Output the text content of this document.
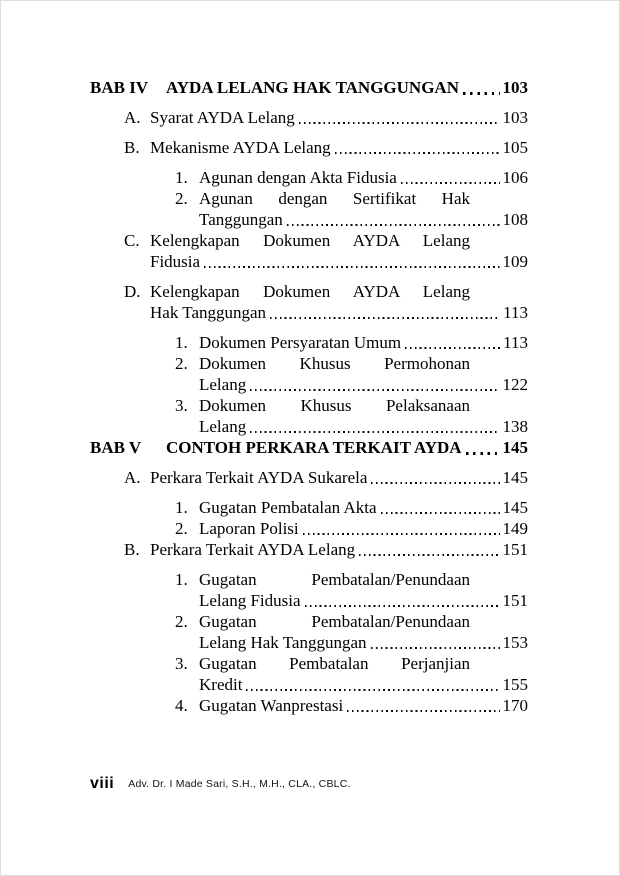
BAB IV	AYDA LELANG HAK TANGGUNGAN	103
A. Syarat AYDA Lelang	103
B. Mekanisme AYDA Lelang	105
1. Agunan dengan Akta Fidusia	106
2. Agunan dengan Sertifikat Hak
Tanggungan	108
C. Kelengkapan Dokumen AYDA Lelang
Fidusia	109
D. Kelengkapan Dokumen AYDA Lelang
Hak Tanggungan	113
1. Dokumen Persyaratan Umum	113
2. Dokumen Khusus Permohonan
Lelang	122
3. Dokumen Khusus Pelaksanaan
Lelang	138
BAB V	CONTOH PERKARA TERKAIT AYDA 145
A. Perkara Terkait AYDA Sukarela	145
1. Gugatan Pembatalan Akta	145
2. Laporan Polisi	149
B. Perkara Terkait AYDA Lelang	151
1. Gugatan Pembatalan/Penundaan
Lelang Fidusia	151
2. Gugatan Pembatalan/Penundaan
Lelang Hak Tanggungan	153
3. Gugatan Pembatalan Perjanjian
Kredit	155
4. Gugatan Wanprestasi	170
viii Adv. Dr. I Made Sari, S.H., M.H., CLA., CBLC.
